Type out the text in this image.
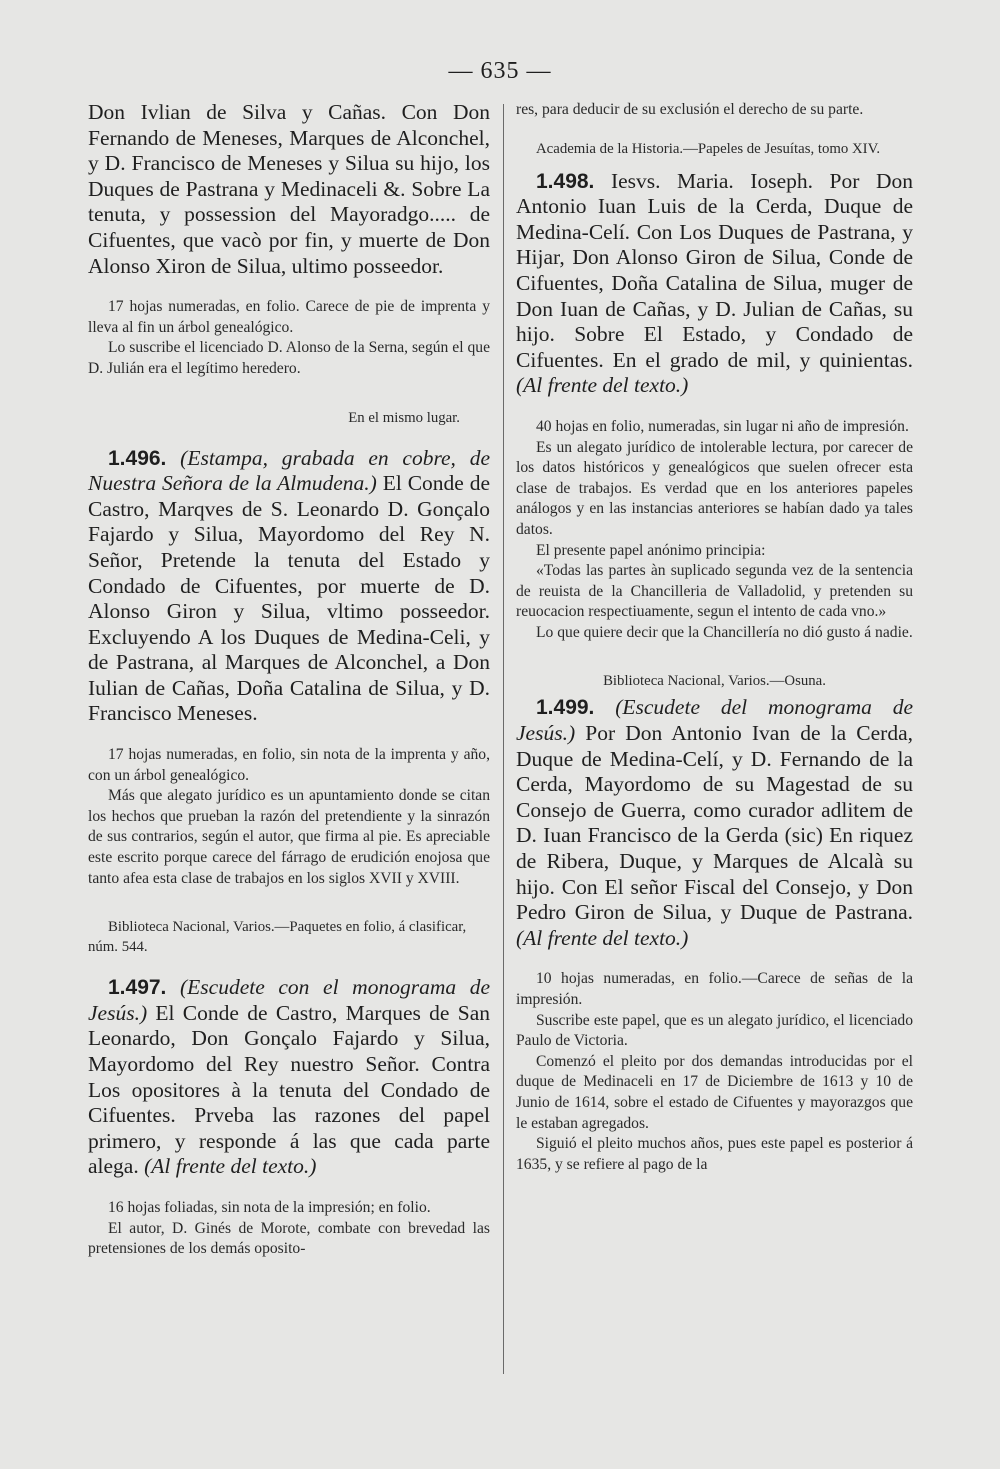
— 635 —

Don Ivlian de Silva y Cañas. Con Don Fernando de Meneses, Marques de Alconchel, y D. Francisco de Meneses y Silua su hijo, los Duques de Pastrana y Medinaceli &. Sobre La tenuta, y possession del Mayoradgo..... de Cifuentes, que vacò por fin, y muerte de Don Alonso Xiron de Silua, ultimo posseedor.

17 hojas numeradas, en folio. Carece de pie de imprenta y lleva al fin un árbol genealógico.

Lo suscribe el licenciado D. Alonso de la Serna, según el que D. Julián era el legítimo heredero.

En el mismo lugar.

1.496. (Estampa, grabada en cobre, de Nuestra Señora de la Almudena.) El Conde de Castro, Marqves de S. Leonardo D. Gonçalo Fajardo y Silua, Mayordomo del Rey N. Señor, Pretende la tenuta del Estado y Condado de Cifuentes, por muerte de D. Alonso Giron y Silua, vltimo posseedor. Excluyendo A los Duques de Medina-Celi, y de Pastrana, al Marques de Alconchel, a Don Iulian de Cañas, Doña Catalina de Silua, y D. Francisco Meneses.

17 hojas numeradas, en folio, sin nota de la imprenta y año, con un árbol genealógico.

Más que alegato jurídico es un apuntamiento donde se citan los hechos que prueban la razón del pretendiente y la sinrazón de sus contrarios, según el autor, que firma al pie. Es apreciable este escrito porque carece del fárrago de erudición enojosa que tanto afea esta clase de trabajos en los siglos XVII y XVIII.

Biblioteca Nacional, Varios.—Paquetes en folio, á clasificar, núm. 544.

1.497. (Escudete con el monograma de Jesús.) El Conde de Castro, Marques de San Leonardo, Don Gonçalo Fajardo y Silua, Mayordomo del Rey nuestro Señor. Contra Los opositores à la tenuta del Condado de Cifuentes. Prveba las razones del papel primero, y responde á las que cada parte alega. (Al frente del texto.)

16 hojas foliadas, sin nota de la impresión; en folio.

El autor, D. Ginés de Morote, combate con brevedad las pretensiones de los demás oposito-

res, para deducir de su exclusión el derecho de su parte.

Academia de la Historia.—Papeles de Jesuítas, tomo XIV.

1.498. Iesvs. Maria. Ioseph. Por Don Antonio Iuan Luis de la Cerda, Duque de Medina-Celí. Con Los Duques de Pastrana, y Hijar, Don Alonso Giron de Silua, Conde de Cifuentes, Doña Catalina de Silua, muger de Don Iuan de Cañas, y D. Julian de Cañas, su hijo. Sobre El Estado, y Condado de Cifuentes. En el grado de mil, y quinientas. (Al frente del texto.)

40 hojas en folio, numeradas, sin lugar ni año de impresión.

Es un alegato jurídico de intolerable lectura, por carecer de los datos históricos y genealógicos que suelen ofrecer esta clase de trabajos. Es verdad que en los anteriores papeles análogos y en las instancias anteriores se habían dado ya tales datos.

El presente papel anónimo principia:

«Todas las partes àn suplicado segunda vez de la sentencia de reuista de la Chancilleria de Valladolid, y pretenden su reuocacion respectiuamente, segun el intento de cada vno.»

Lo que quiere decir que la Chancillería no dió gusto á nadie.

Biblioteca Nacional, Varios.—Osuna.

1.499. (Escudete del monograma de Jesús.) Por Don Antonio Ivan de la Cerda, Duque de Medina-Celí, y D. Fernando de la Cerda, Mayordomo de su Magestad de su Consejo de Guerra, como curador adlitem de D. Iuan Francisco de la Gerda (sic) En riquez de Ribera, Duque, y Marques de Alcalà su hijo. Con El señor Fiscal del Consejo, y Don Pedro Giron de Silua, y Duque de Pastrana. (Al frente del texto.)

10 hojas numeradas, en folio.—Carece de señas de la impresión.

Suscribe este papel, que es un alegato jurídico, el licenciado Paulo de Victoria.

Comenzó el pleito por dos demandas introducidas por el duque de Medinaceli en 17 de Diciembre de 1613 y 10 de Junio de 1614, sobre el estado de Cifuentes y mayorazgos que le estaban agregados.

Siguió el pleito muchos años, pues este papel es posterior á 1635, y se refiere al pago de la
